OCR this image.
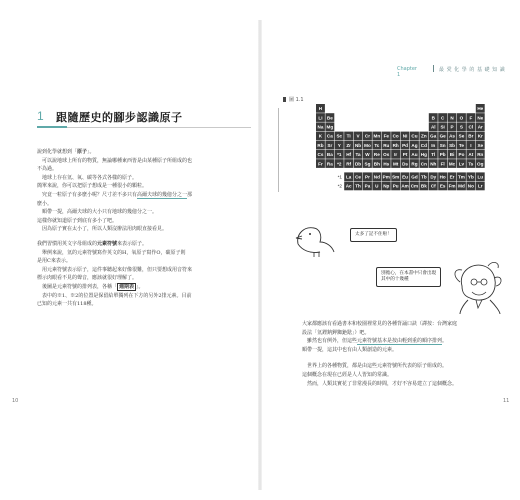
1 跟隨歷史的腳步認識原子

說到化學就想到「原子」。

可以說地球上所有的物質，無論哪種東西皆是由某種原子所組成的也

不為過。

地球上存在氫、氧、碳等各式各樣的原子。

簡單來說，你可以把原子想成是一種很小的顆粒。

究竟一粒原子有多麼小呢？尺寸差不多只有高爾夫球的幾億分之一那

麼小。

順帶一提，高爾夫球的大小只有地球的幾億分之一。

這樣你就知道原子到底有多小了吧。

因為原子實在太小了，所以人類沒辦法用肉眼直接看見。

我們習慣用英文字母組成的元素符號來表示原子。

舉例來說，氫的元素符號寫作英文的H，氧原子寫作O，碳原子則

是用C來表示。

用元素符號表示原子，這件事聽起來好像很難，但只要想成用音符來

標示肉眼看不見的聲音，應該就很好理解了。

後圖是元素符號的排列表，各稱「 週期表 」。

表中的※1、※2的位置是保留給單獨列在下方的另外2排元素。目前

已知的元素一共有118種。

10
Chapter 1
最 愛 化 學 的 基 礎 知 識
圖 1.1
H	He
Li Be	B C N O F Ne
Na Mg	Al Si P S Cl Ar
K Ca Sc Ti V Cr Mn Fe Co Ni Cu Zn Ga Ge As Se Br Kr
Rb Sr Y Zr Nb Mo Tc Ru Rh Pd Ag Cd In Sn Sb Te I Xe
Cs Ba *1 Hf Ta W Re Os Ir Pt Au Hg Tl Pb Bi Po At Rn
Fr Ra *2 Rf Db Sg Bh Hs Mt Ds Rg Cn Nh Fl Mc Lv Ts Og
*1 La Ce Pr Nd Pm Sm Eu Gd Tb Dy Ho Er Tm Yb Lu
*2 Ac Th Pa U Np Pu Am Cm Bk Cf Es Fm Md No Lr
太多了記不住啦！
別擔心，在本書中只會出現
其中的十幾種

大家都應該有看過書本和校園裡常見的各種背誦口訣（譯按：台灣家庭

設法「氫鋰鈉鉀銣銫鍅」）吧。

雖然也有例外，但這些元素符號基本是按由輕到重的順序排列。

順帶一提，這其中也有由人類創造的元素。

世界上的各種物質，都是由這些元素符號所代表的原子組成的。

這個概念在現在已經是人人皆知的常識。

然而，人類其實花了非常漫長的時間，才好不容易建立了這個概念。

11
